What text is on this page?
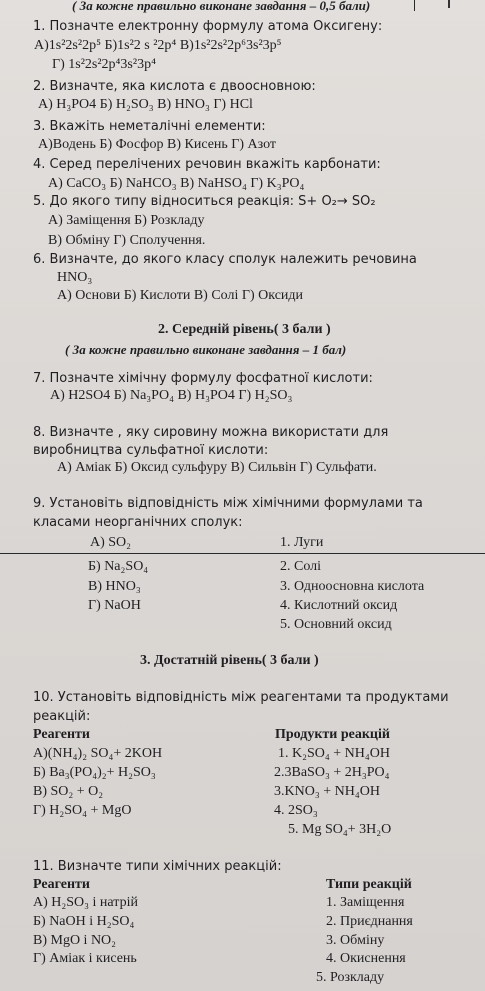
( За кожне правильно виконане завдання – 0,5 бали)
1. Позначте електронну формулу атома Оксигену:
А)1s²2s²2p⁵ Б)1s²2 s ²2p⁴ В)1s²2s²2p⁶3s²3p⁵
Г) 1s²2s²2p⁴3s²3p⁴
2. Визначте, яка кислота є двоосновною:
А) H₃PO4 Б) H₂SO₃ В) HNO₃ Г) HCl
3. Вкажіть неметалічні елементи:
А)Водень Б) Фосфор В) Кисень Г) Азот
4. Серед перелічених речовин вкажіть карбонати:
А) CaCO₃ Б) NaHCO₃ В) NaHSO₄ Г) K₃PO₄
5. До якого типу відноситься реакція: S+ O₂→ SO₂
А) Заміщення Б) Розкладу
В) Обміну Г) Сполучення.
6. Визначте, до якого класу сполук належить речовина
HNO₃
А) Основи Б) Кислоти В) Солі Г) Оксиди
2. Середній рівень( 3 бали )
( За кожне правильно виконане завдання – 1 бал)
7. Позначте хімічну формулу фосфатної кислоти:
А) H2SO4 Б) Na₃PO₄ В) H₃PO4 Г) H₂SO₃
8. Визначте , яку сировину можна використати для
виробництва сульфатної кислоти:
А) Аміак Б) Оксид сульфуру В) Сильвін Г) Сульфати.
9. Установіть відповідність між хімічними формулами та
класами неорганічних сполук:
А) SO₂	1. Луги
Б) Na₂SO₄	2. Солі
В) HNO₃	3. Одноосновна кислота
Г) NaOH	4. Кислотний оксид
5. Основний оксид
3. Достатній рівень( 3 бали )
10. Установіть відповідність між реагентами та продуктами
реакцій:
Реагенти	Продукти реакцій
А)(NH₄)₂ SO₄+ 2KOH	1. K₂SO₄ + NH₄OH
Б) Ba₃(PO₄)₂+ H₂SO₃	2.3BaSO₃ + 2H₃PO₄
В) SO₂ + O₂	3.KNO₃ + NH₄OH
Г) H₂SO₄ + MgO	4. 2SO₃
5. Mg SO₄+ 3H₂O
11. Визначте типи хімічних реакцій:
Реагенти	Типи реакцій
А) H₂SO₃ і натрій	1. Заміщення
Б) NaOH і H₂SO₄	2. Приєднання
В) MgO і NO₂	3. Обміну
Г) Аміак і кисень	4. Окиснення
5. Розкладу
